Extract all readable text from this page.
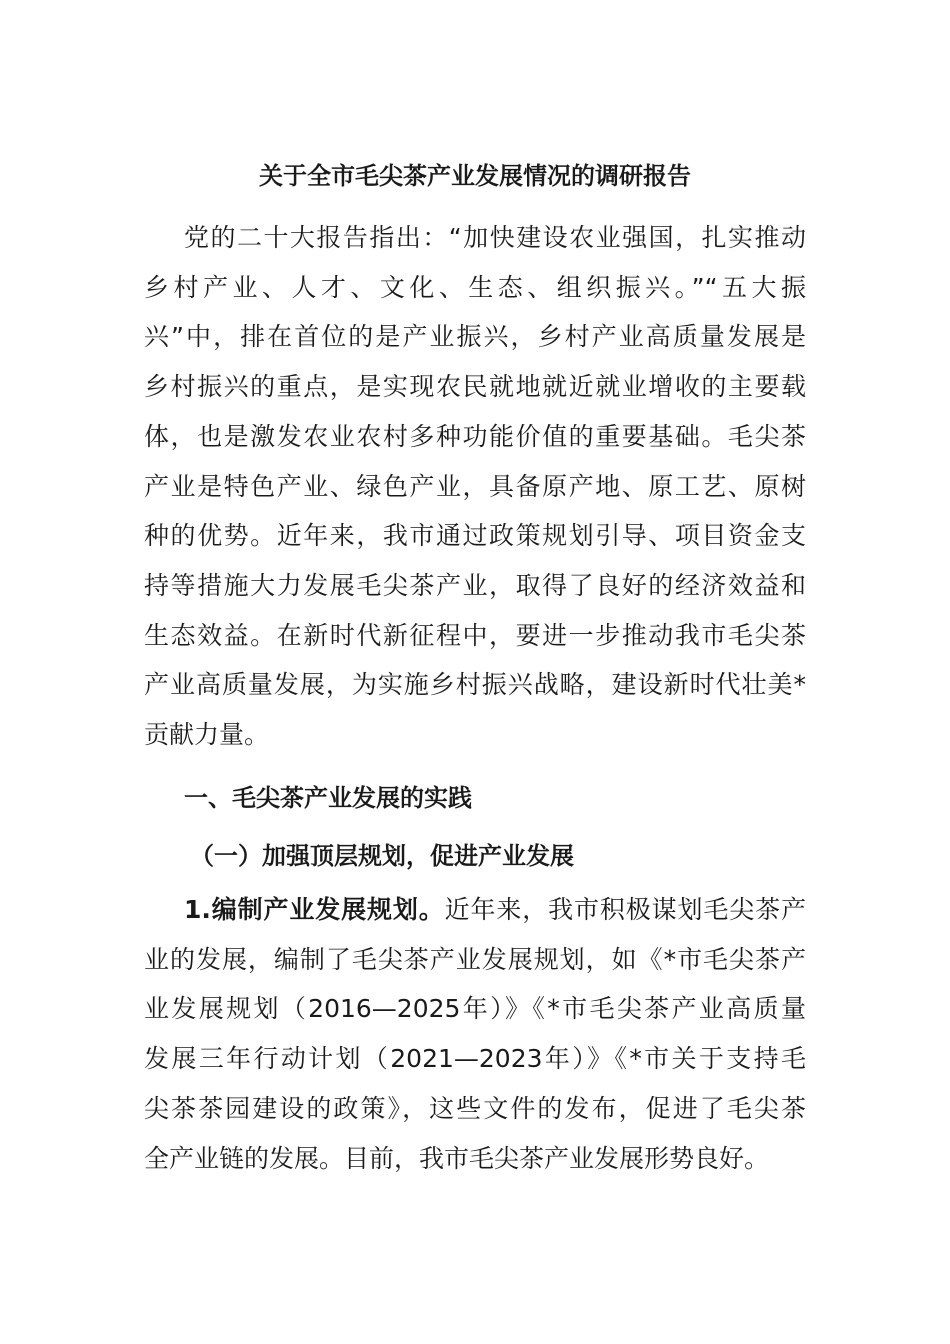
关于全市毛尖茶产业发展情况的调研报告
党的二十大报告指出：“加快建设农业强国，扎实推动
乡村产业、人才、文化、生态、组织振兴。”“五大振
兴”中，排在首位的是产业振兴，乡村产业高质量发展是
乡村振兴的重点，是实现农民就地就近就业增收的主要载
体，也是激发农业农村多种功能价值的重要基础。毛尖茶
产业是特色产业、绿色产业，具备原产地、原工艺、原树
种的优势。近年来，我市通过政策规划引导、项目资金支
持等措施大力发展毛尖茶产业，取得了良好的经济效益和
生态效益。在新时代新征程中，要进一步推动我市毛尖茶
产业高质量发展，为实施乡村振兴战略，建设新时代壮美*
贡献力量。
一、毛尖茶产业发展的实践
（一）加强顶层规划，促进产业发展
1.编制产业发展规划。近年来，我市积极谋划毛尖茶产
业的发展，编制了毛尖茶产业发展规划，如《*市毛尖茶产
业发展规划（2016—2025年）》《*市毛尖茶产业高质量
发展三年行动计划（2021—2023年）》《*市关于支持毛
尖茶茶园建设的政策》，这些文件的发布，促进了毛尖茶
全产业链的发展。目前，我市毛尖茶产业发展形势良好。
